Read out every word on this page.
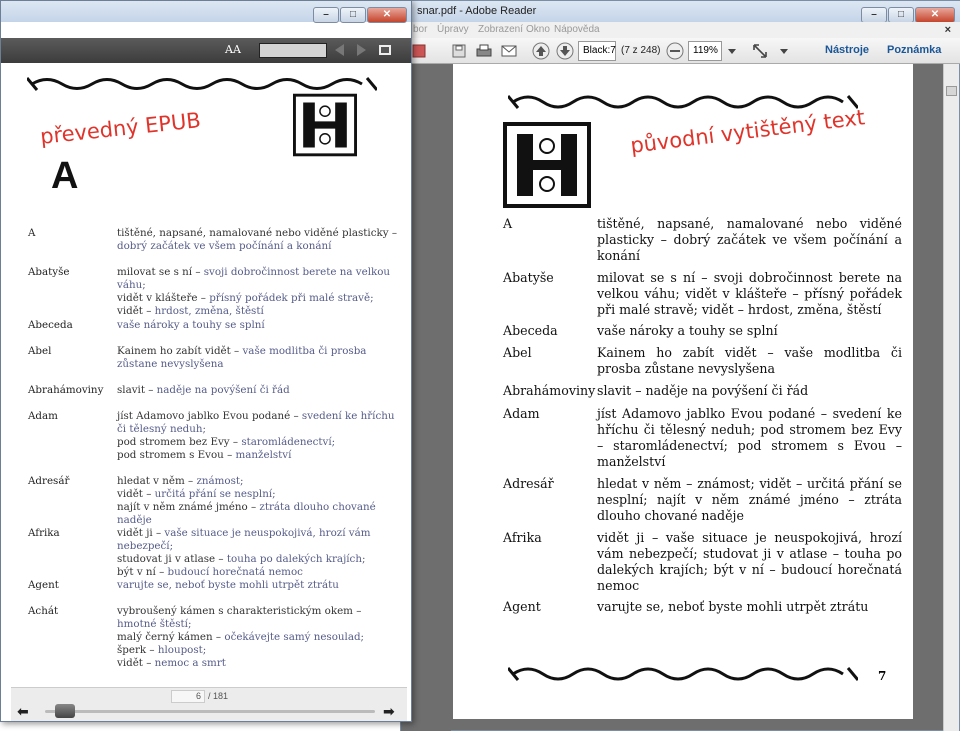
snar.pdf - Adobe Reader	– □	✕
bor Úpravy Zobrazení Okno Nápověda	×
Black:7 (7 z 248)	119%	Nástroje Poznámka
původní vytištěný text
A	tištěné, napsané, namalované nebo viděné plasticky – dobrý začátek ve všem počínání a konání
Abatyše	milovat se s ní – svoji dobročinnost berete na velkou váhu; vidět v klášteře – přísný pořádek při malé stravě; vidět – hrdost, změna, štěstí
Abeceda	vaše nároky a touhy se splní
Abel	Kainem ho zabít vidět – vaše modlitba či prosba zůstane nevyslyšena
Abrahámoviny slavit – naděje na povýšení či řád
Adam	jíst Adamovo jablko Evou podané – svedení ke hříchu či tělesný neduh; pod stromem bez Evy – staromládenectví; pod stromem s Evou – manželství
Adresář	hledat v něm – známost; vidět – určitá přání se nesplní; najít v něm známé jméno – ztráta dlouho chované naděje
Afrika	vidět ji – vaše situace je neuspokojivá, hrozí vám nebezpečí; studovat ji v atlase – touha po dalekých krajích; být v ní – budoucí horečnatá nemoc
Agent	varujte se, neboť byste mohli utrpět ztrátu
7
– □	✕
AA
převedný EPUB
A
A	tištěné, napsané, namalované nebo viděné plasticky – dobrý začátek ve všem počínání a konání
Abatyše	milovat se s ní – svoji dobročinnost berete na velkou váhu;
vidět v klášteře – přísný pořádek při malé stravě;
vidět – hrdost, změna, štěstí
Abeceda	vaše nároky a touhy se splní
Abel	Kainem ho zabít vidět – vaše modlitba či prosba zůstane nevyslyšena
Abrahámoviny	slavit – naděje na povýšení či řád
Adam	jíst Adamovo jablko Evou podané – svedení ke hříchu či tělesný neduh;
pod stromem bez Evy – staromládenectví;
pod stromem s Evou – manželství
Adresář	hledat v něm – známost;
vidět – určitá přání se nesplní;
najít v něm známé jméno – ztráta dlouho chované naděje
Afrika	vidět ji – vaše situace je neuspokojivá, hrozí vám nebezpečí;
studovat ji v atlase – touha po dalekých krajích;
být v ní – budoucí horečnatá nemoc
Agent	varujte se, neboť byste mohli utrpět ztrátu
Achát	vybroušený kámen s charakteristickým okem – hmotné štěstí;
malý černý kámen – očekávejte samý nesoulad;
šperk – hloupost;
vidět – nemoc a smrt
6 / 181
⬅	➡
